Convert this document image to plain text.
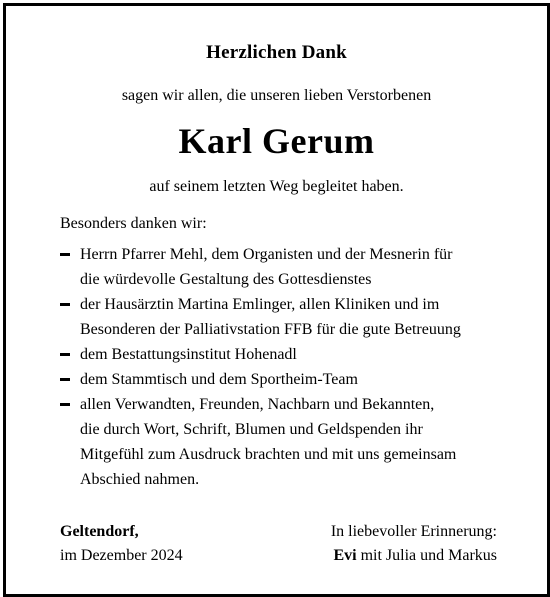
Herzlichen Dank
sagen wir allen, die unseren lieben Verstorbenen
Karl Gerum
auf seinem letzten Weg begleitet haben.
Besonders danken wir:
Herrn Pfarrer Mehl, dem Organisten und der Mesnerin für
die würdevolle Gestaltung des Gottesdienstes
der Hausärztin Martina Emlinger, allen Kliniken und im
Besonderen der Palliativstation FFB für die gute Betreuung
dem Bestattungsinstitut Hohenadl
dem Stammtisch und dem Sportheim-Team
allen Verwandten, Freunden, Nachbarn und Bekannten,
die durch Wort, Schrift, Blumen und Geldspenden ihr
Mitgefühl zum Ausdruck brachten und mit uns gemeinsam
Abschied nahmen.
Geltendorf,
im Dezember 2024
In liebevoller Erinnerung:
Evi mit Julia und Markus
